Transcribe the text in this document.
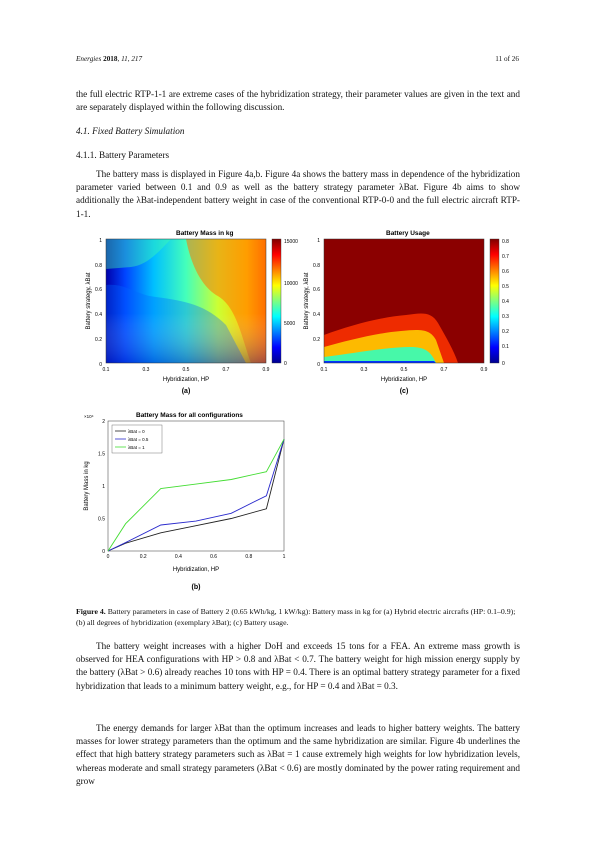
Energies 2018, 11, 217	11 of 26
the full electric RTP-1-1 are extreme cases of the hybridization strategy, their parameter values are given in the text and are separately displayed within the following discussion.
4.1. Fixed Battery Simulation
4.1.1. Battery Parameters
The battery mass is displayed in Figure 4a,b. Figure 4a shows the battery mass in dependence of the hybridization parameter varied between 0.1 and 0.9 as well as the battery strategy parameter λBat. Figure 4b aims to show additionally the λBat-independent battery weight in case of the conventional RTP-0-0 and the full electric aircraft RTP-1-1.
Battery Mass in kg
15000
10000
5000
0
0
0.2
0.4
0.6
0.8
1
0.1	0.3	0.5	0.7	0.9
Hybridization, HP
Battery strategy, λBat
(a)
Battery Usage
0.8
0.7
0.6
0.5
0.4
0.3
0.2
0.1
0
0
0.2
0.4
0.6
0.8
1
0.1	0.3	0.5	0.7	0.9
Hybridization, HP
Battery strategy, λBat
(c)
Battery Mass for all configurations
×10⁴
0	0.2	0.4	0.6	0.8	1
0
0.5
1
1.5
2
λBat = 0
λBat = 0.5
λBat = 1
Hybridization, HP
Battery Mass in kg
(b)
Figure 4. Battery parameters in case of Battery 2 (0.65 kWh/kg, 1 kW/kg): Battery mass in kg for (a) Hybrid electric aircrafts (HP: 0.1–0.9); (b) all degrees of hybridization (exemplary λBat); (c) Battery usage.
The battery weight increases with a higher DoH and exceeds 15 tons for a FEA. An extreme mass growth is observed for HEA configurations with HP > 0.8 and λBat < 0.7. The battery weight for high mission energy supply by the battery (λBat > 0.6) already reaches 10 tons with HP = 0.4. There is an optimal battery strategy parameter for a fixed hybridization that leads to a minimum battery weight, e.g., for HP = 0.4 and λBat = 0.3.
The energy demands for larger λBat than the optimum increases and leads to higher battery weights. The battery masses for lower strategy parameters than the optimum and the same hybridization are similar. Figure 4b underlines the effect that high battery strategy parameters such as λBat = 1 cause extremely high weights for low hybridization levels, whereas moderate and small strategy parameters (λBat < 0.6) are mostly dominated by the power rating requirement and grow
